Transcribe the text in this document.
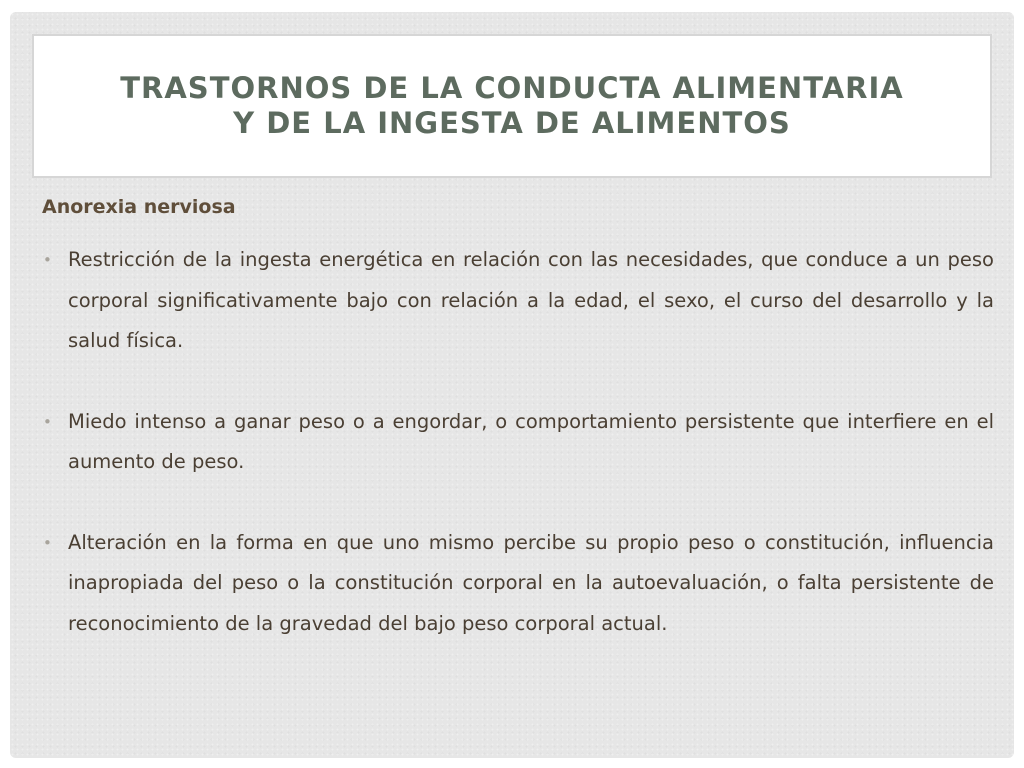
TRASTORNOS DE LA CONDUCTA ALIMENTARIA
Y DE LA INGESTA DE ALIMENTOS
Anorexia nerviosa
• Restricción de la ingesta energética en relación con las necesidades, que conduce a un peso corporal significativamente bajo con relación a la edad, el sexo, el curso del desarrollo y la salud física.
• Miedo intenso a ganar peso o a engordar, o comportamiento persistente que interfiere en el aumento de peso.
• Alteración en la forma en que uno mismo percibe su propio peso o constitución, influencia inapropiada del peso o la constitución corporal en la autoevaluación, o falta persistente de reconocimiento de la gravedad del bajo peso corporal actual.
